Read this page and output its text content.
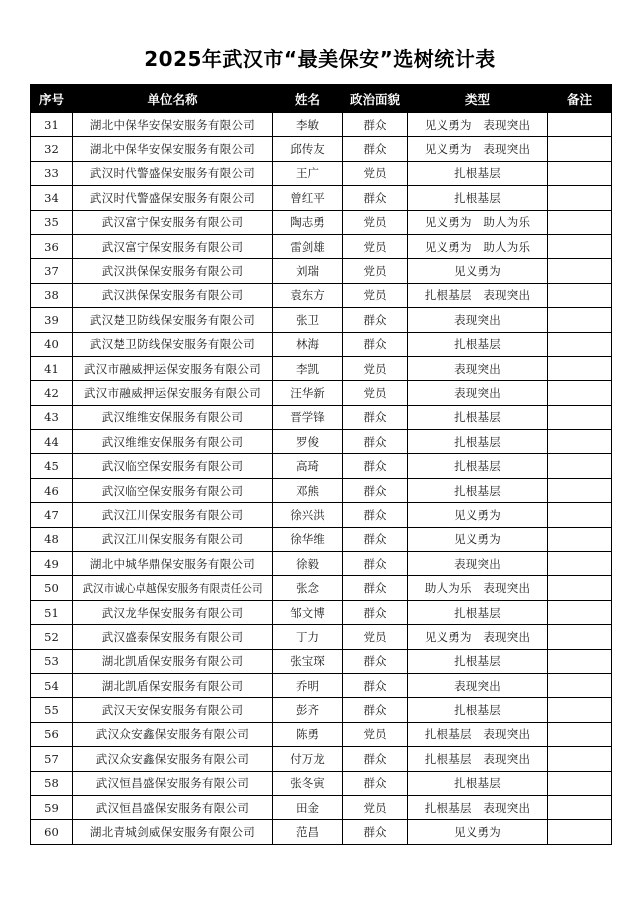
2025年武汉市“最美保安”选树统计表
序号	单位名称	姓名	政治面貌	类型	备注
31	湖北中保华安保安服务有限公司	李敏	群众	见义勇为　表现突出	
32	湖北中保华安保安服务有限公司	邱传友	群众	见义勇为　表现突出	
33	武汉时代警盛保安服务有限公司	王广	党员	扎根基层	
34	武汉时代警盛保安服务有限公司	曾红平	群众	扎根基层	
35	武汉富宁保安服务有限公司	陶志勇	党员	见义勇为　助人为乐	
36	武汉富宁保安服务有限公司	雷剑雄	党员	见义勇为　助人为乐	
37	武汉洪保保安服务有限公司	刘瑞	党员	见义勇为	
38	武汉洪保保安服务有限公司	袁东方	党员	扎根基层　表现突出	
39	武汉楚卫防线保安服务有限公司	张卫	群众	表现突出	
40	武汉楚卫防线保安服务有限公司	林海	群众	扎根基层	
41	武汉市融威押运保安服务有限公司	李凯	党员	表现突出	
42	武汉市融威押运保安服务有限公司	汪华新	党员	表现突出	
43	武汉维维安保服务有限公司	晋学锋	群众	扎根基层	
44	武汉维维安保服务有限公司	罗俊	群众	扎根基层	
45	武汉临空保安服务有限公司	高琦	群众	扎根基层	
46	武汉临空保安服务有限公司	邓熊	群众	扎根基层	
47	武汉江川保安服务有限公司	徐兴洪	群众	见义勇为	
48	武汉江川保安服务有限公司	徐华维	群众	见义勇为	
49	湖北中城华鼎保安服务有限公司	徐毅	群众	表现突出	
50	武汉市诚心卓越保安服务有限责任公司	张念	群众	助人为乐　表现突出	
51	武汉龙华保安服务有限公司	邹文博	群众	扎根基层	
52	武汉盛泰保安服务有限公司	丁力	党员	见义勇为　表现突出	
53	湖北凯盾保安服务有限公司	张宝琛	群众	扎根基层	
54	湖北凯盾保安服务有限公司	乔明	群众	表现突出	
55	武汉天安保安服务有限公司	彭齐	群众	扎根基层	
56	武汉众安鑫保安服务有限公司	陈勇	党员	扎根基层　表现突出	
57	武汉众安鑫保安服务有限公司	付万龙	群众	扎根基层　表现突出	
58	武汉恒昌盛保安服务有限公司	张冬寅	群众	扎根基层	
59	武汉恒昌盛保安服务有限公司	田金	党员	扎根基层　表现突出	
60	湖北青城剑威保安服务有限公司	范昌	群众	见义勇为	
